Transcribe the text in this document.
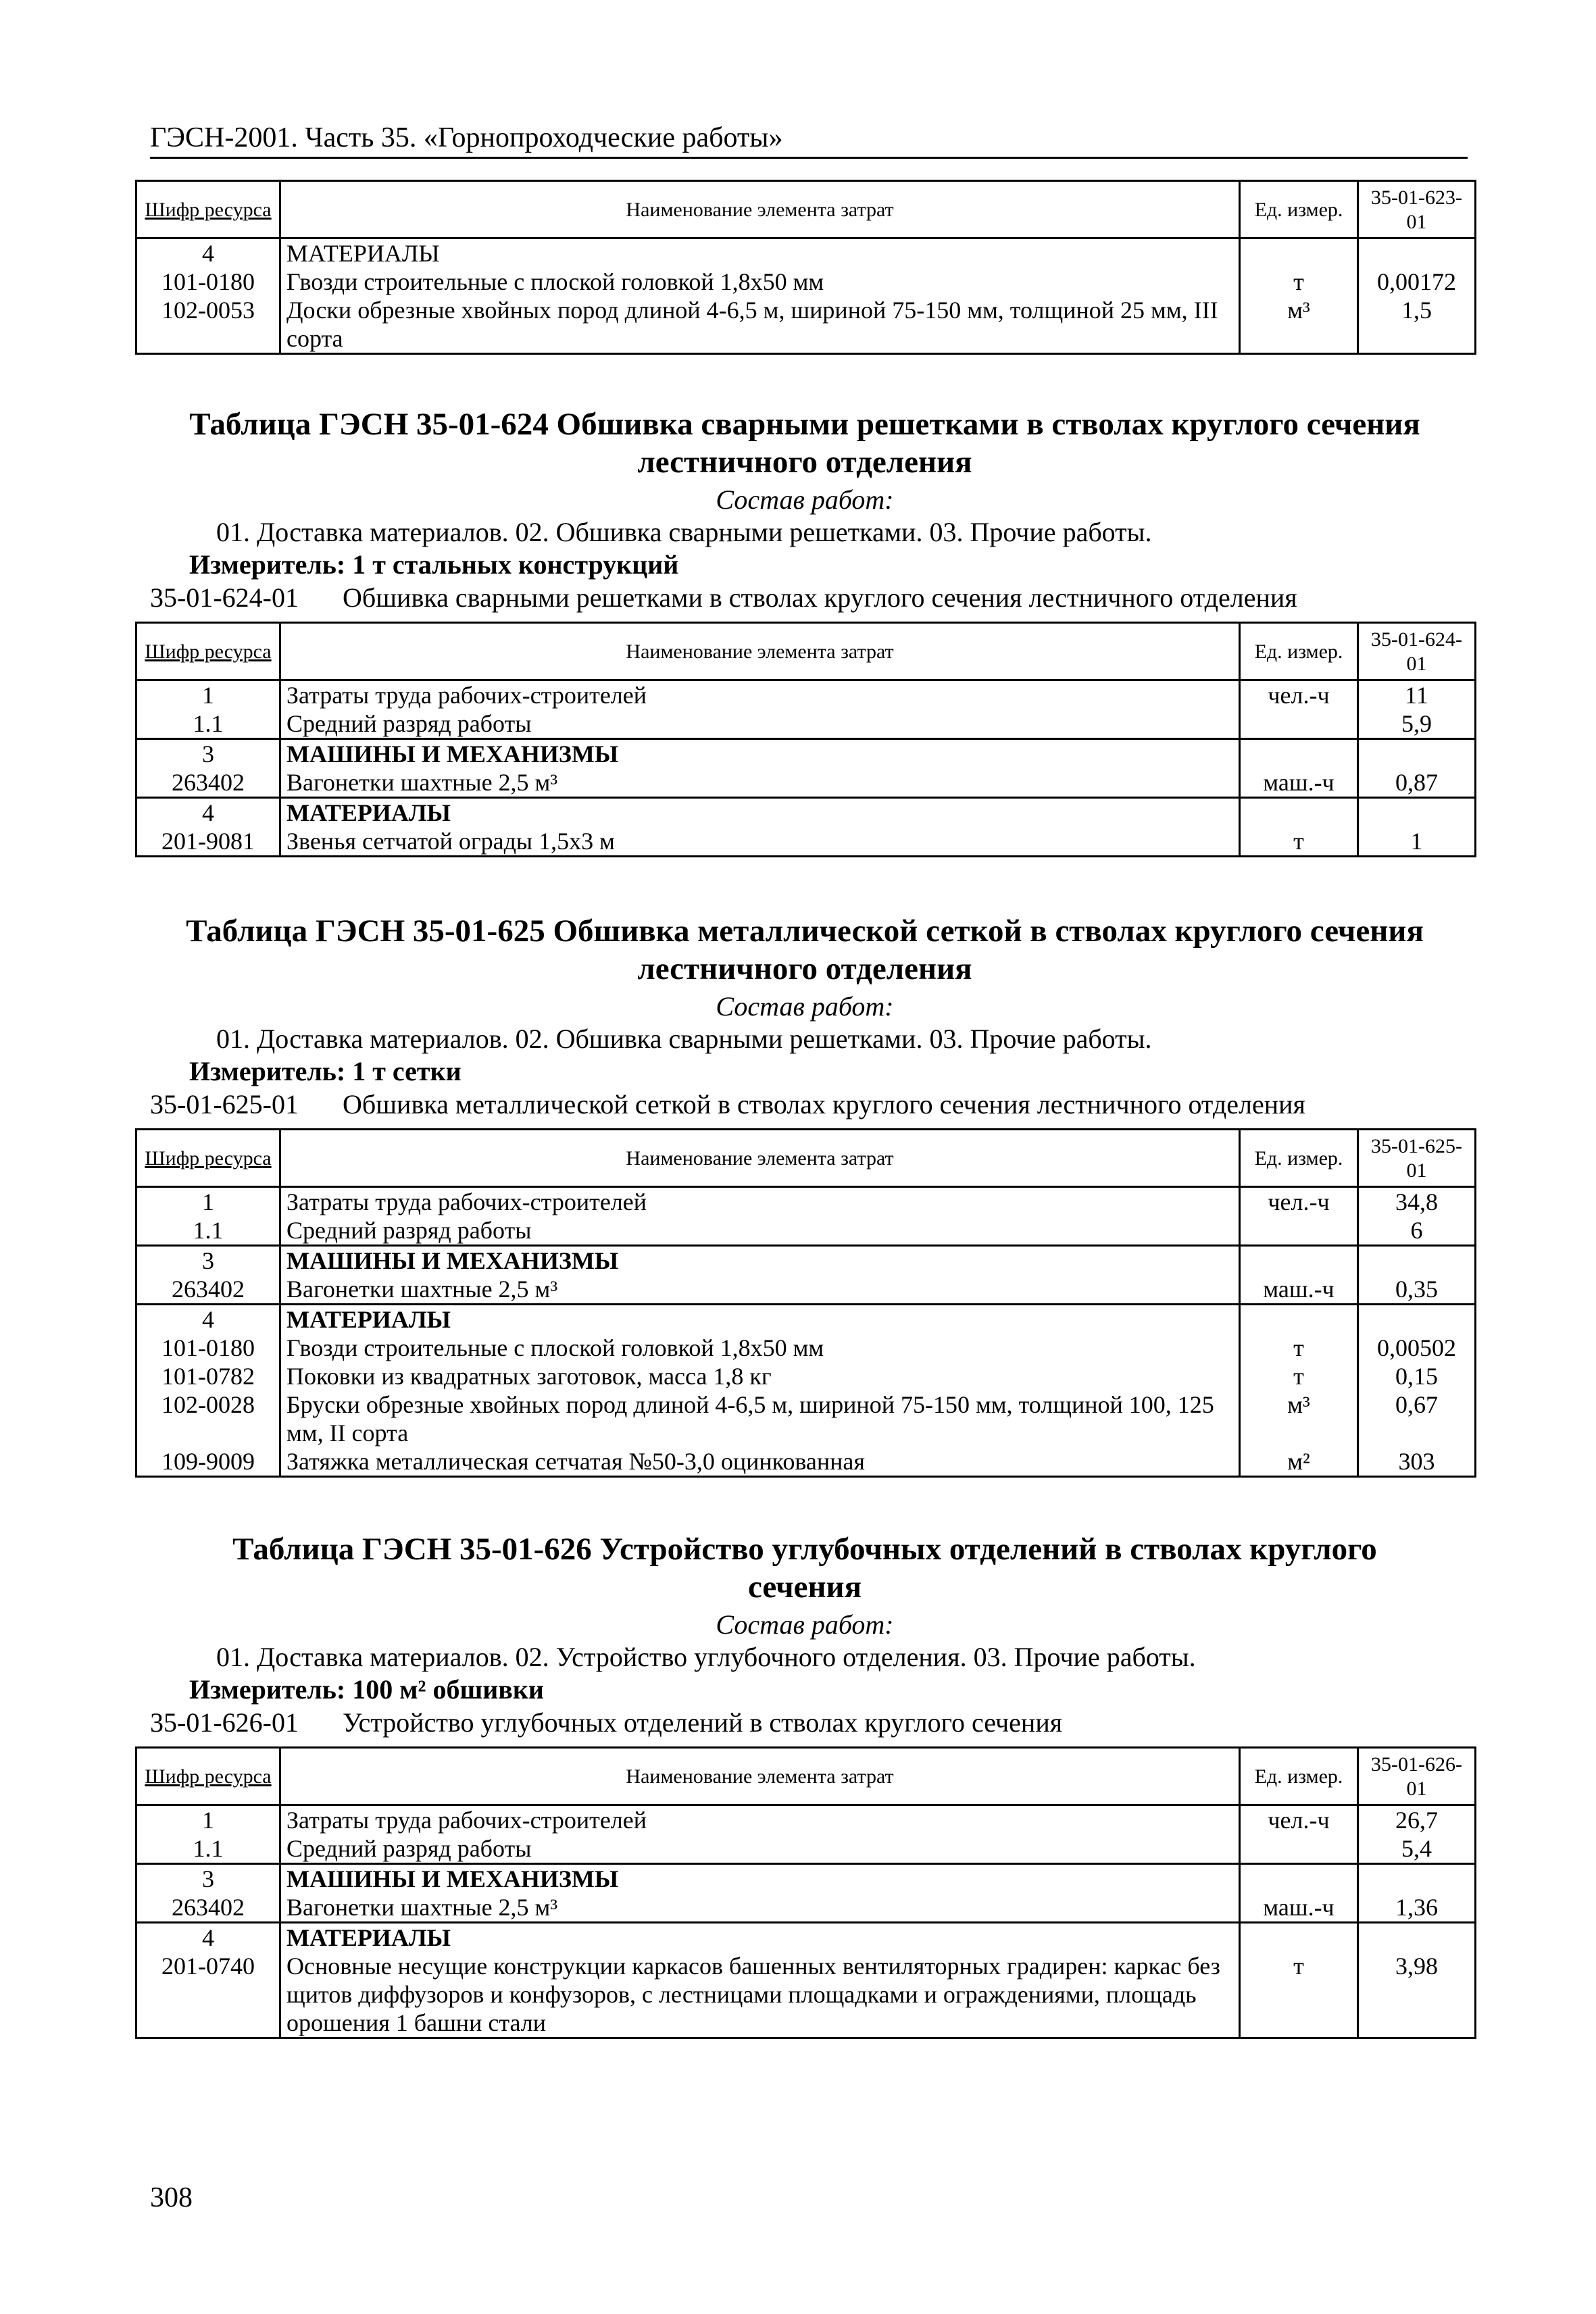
ГЭСН-2001. Часть 35. «Горнопроходческие работы»
Шифр ресурса	Наименование элемента затрат	Ед. измер.	35-01-623-01
4	МАТЕРИАЛЫ		
101-0180	Гвозди строительные с плоской головкой 1,8x50 мм	т	0,00172
102-0053	Доски обрезные хвойных пород длиной 4-6,5 м, шириной 75-150 мм, толщиной 25 мм, III сорта	м³	1,5
Таблица ГЭСН 35-01-624 Обшивка сварными решетками в стволах круглого сечения
лестничного отделения
Состав работ:
01. Доставка материалов. 02. Обшивка сварными решетками. 03. Прочие работы.
Измеритель: 1 т стальных конструкций
35-01-624-01	Обшивка сварными решетками в стволах круглого сечения лестничного отделения
Шифр ресурса	Наименование элемента затрат	Ед. измер.	35-01-624-01
1	Затраты труда рабочих-строителей	чел.-ч	11
1.1	Средний разряд работы		5,9
3	МАШИНЫ И МЕХАНИЗМЫ		
263402	Вагонетки шахтные 2,5 м³	маш.-ч	0,87
4	МАТЕРИАЛЫ		
201-9081	Звенья сетчатой ограды 1,5x3 м	т	1
Таблица ГЭСН 35-01-625 Обшивка металлической сеткой в стволах круглого сечения
лестничного отделения
Состав работ:
01. Доставка материалов. 02. Обшивка сварными решетками. 03. Прочие работы.
Измеритель: 1 т сетки
35-01-625-01	Обшивка металлической сеткой в стволах круглого сечения лестничного отделения
Шифр ресурса	Наименование элемента затрат	Ед. измер.	35-01-625-01
1	Затраты труда рабочих-строителей	чел.-ч	34,8
1.1	Средний разряд работы		6
3	МАШИНЫ И МЕХАНИЗМЫ		
263402	Вагонетки шахтные 2,5 м³	маш.-ч	0,35
4	МАТЕРИАЛЫ		
101-0180	Гвозди строительные с плоской головкой 1,8x50 мм	т	0,00502
101-0782	Поковки из квадратных заготовок, масса 1,8 кг	т	0,15
102-0028	Бруски обрезные хвойных пород длиной 4-6,5 м, шириной 75-150 мм, толщиной 100, 125 мм, II сорта	м³	0,67
109-9009	Затяжка металлическая сетчатая №50-3,0 оцинкованная	м²	303
Таблица ГЭСН 35-01-626 Устройство углубочных отделений в стволах круглого
сечения
Состав работ:
01. Доставка материалов. 02. Устройство углубочного отделения. 03. Прочие работы.
Измеритель: 100 м² обшивки
35-01-626-01	Устройство углубочных отделений в стволах круглого сечения
Шифр ресурса	Наименование элемента затрат	Ед. измер.	35-01-626-01
1	Затраты труда рабочих-строителей	чел.-ч	26,7
1.1	Средний разряд работы		5,4
3	МАШИНЫ И МЕХАНИЗМЫ		
263402	Вагонетки шахтные 2,5 м³	маш.-ч	1,36
4	МАТЕРИАЛЫ		
201-0740	Основные несущие конструкции каркасов башенных вентиляторных градирен: каркас без щитов диффузоров и конфузоров, с лестницами площадками и ограждениями, площадь орошения 1 башни стали	т	3,98
308
